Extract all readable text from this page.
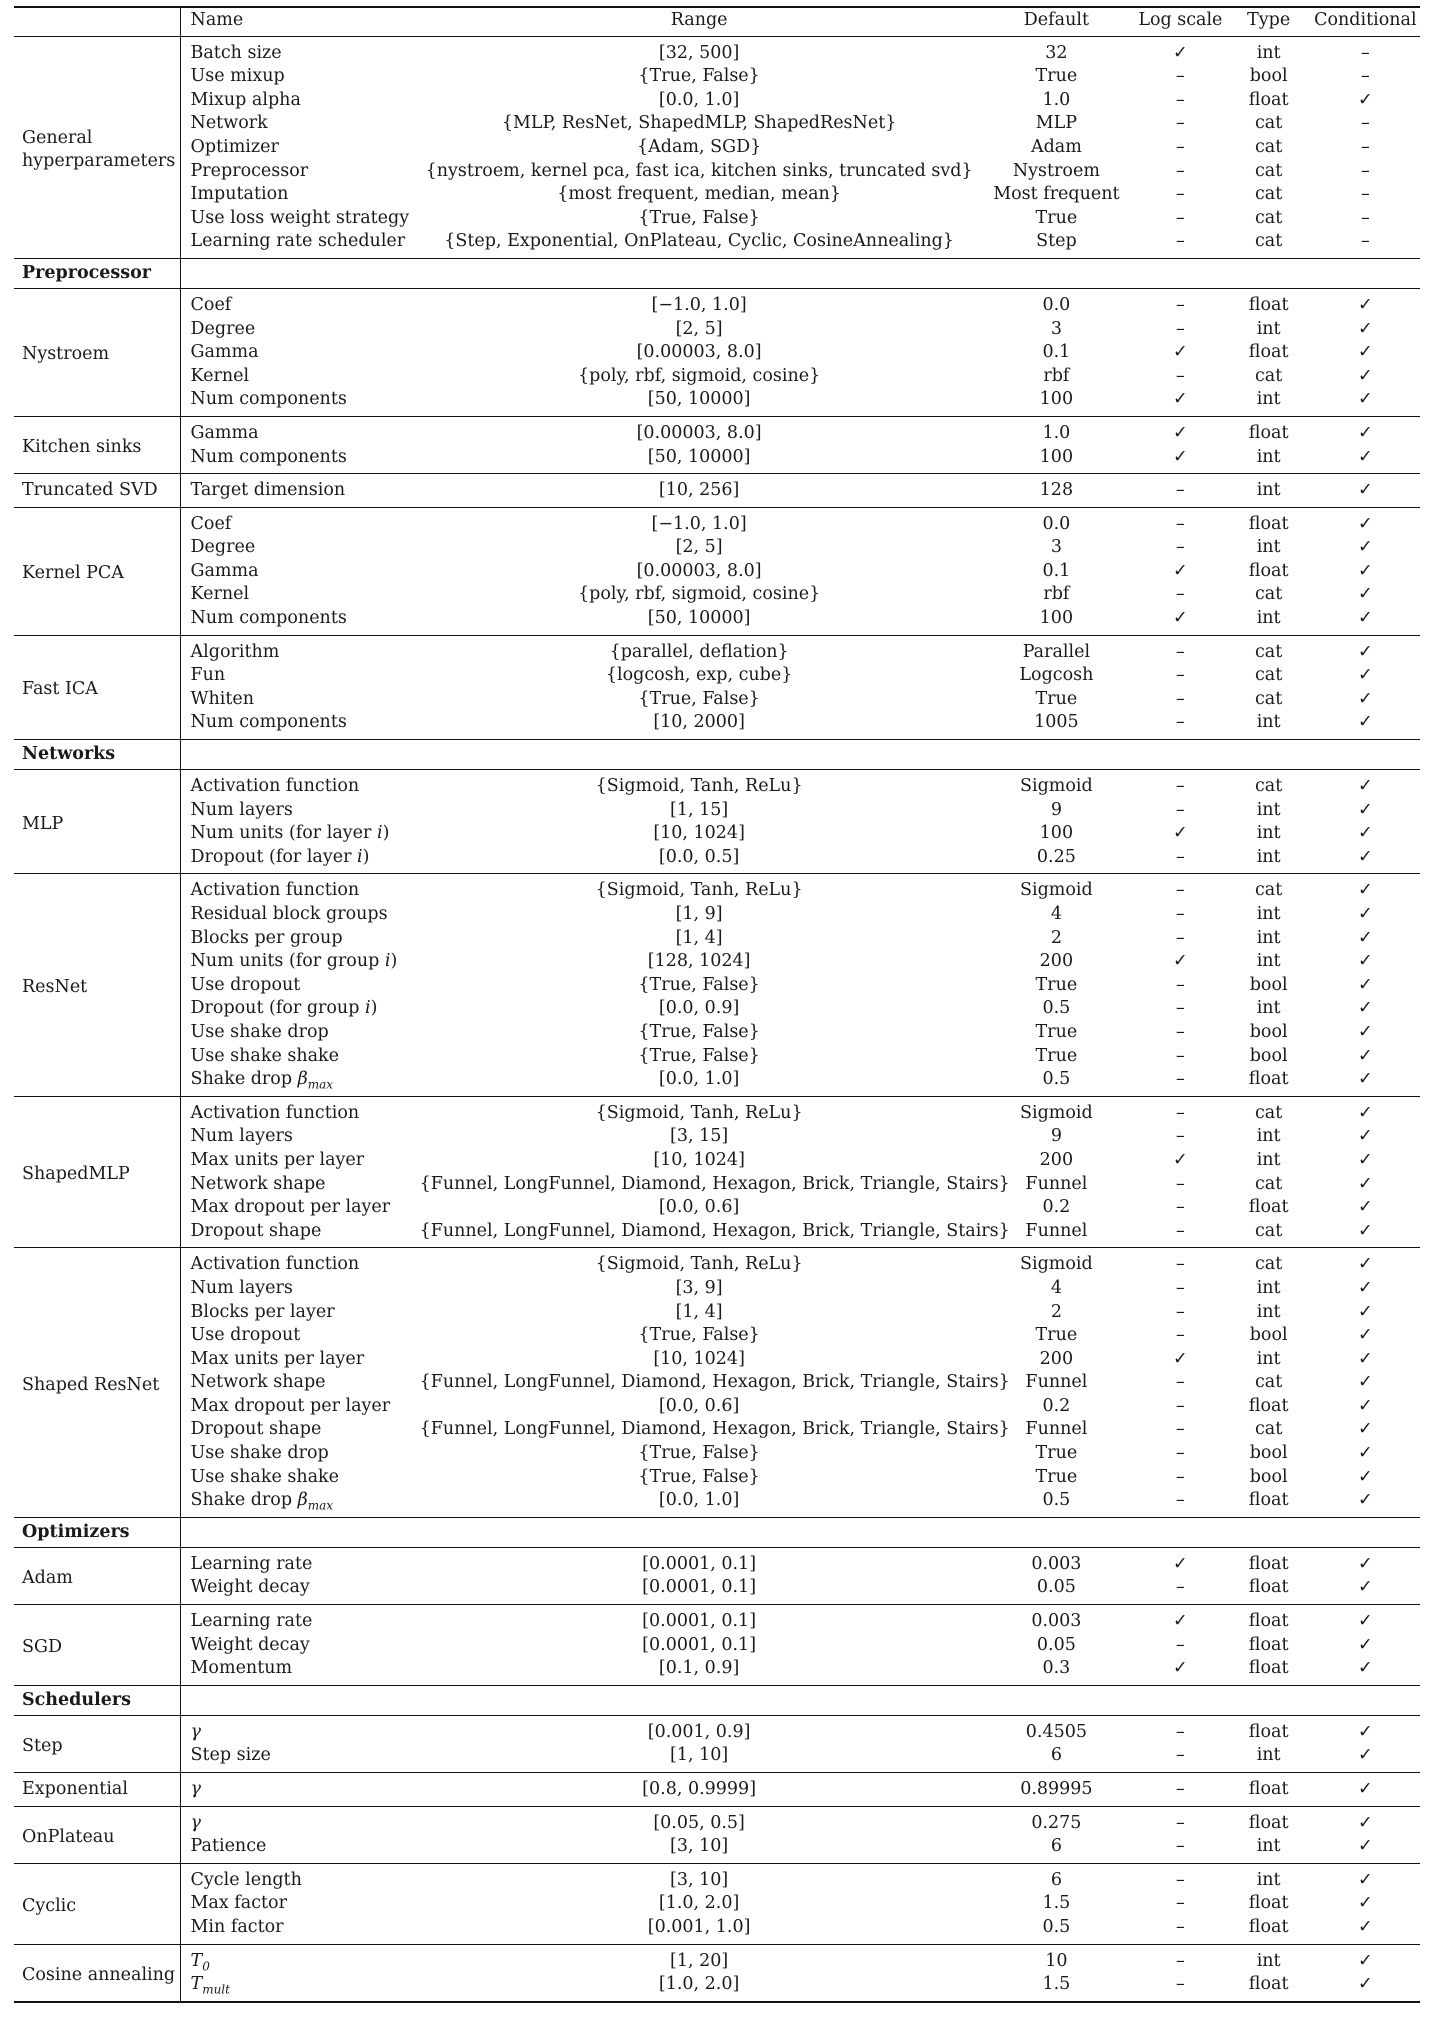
	Name	Range	Default	Log scale	Type	Conditional
General hyperparameters	Batch size	[32, 500]	32	✓	int	–
	Use mixup	{True, False}	True	–	bool	–
	Mixup alpha	[0.0, 1.0]	1.0	–	float	✓
	Network	{MLP, ResNet, ShapedMLP, ShapedResNet}	MLP	–	cat	–
	Optimizer	{Adam, SGD}	Adam	–	cat	–
	Preprocessor	{nystroem, kernel pca, fast ica, kitchen sinks, truncated svd}	Nystroem	–	cat	–
	Imputation	{most frequent, median, mean}	Most frequent	–	cat	–
	Use loss weight strategy	{True, False}	True	–	cat	–
	Learning rate scheduler	{Step, Exponential, OnPlateau, Cyclic, CosineAnnealing}	Step	–	cat	–
Preprocessor						
Nystroem	Coef	[−1.0, 1.0]	0.0	–	float	✓
	Degree	[2, 5]	3	–	int	✓
	Gamma	[0.00003, 8.0]	0.1	✓	float	✓
	Kernel	{poly, rbf, sigmoid, cosine}	rbf	–	cat	✓
	Num components	[50, 10000]	100	✓	int	✓
Kitchen sinks	Gamma	[0.00003, 8.0]	1.0	✓	float	✓
	Num components	[50, 10000]	100	✓	int	✓
Truncated SVD	Target dimension	[10, 256]	128	–	int	✓
Kernel PCA	Coef	[−1.0, 1.0]	0.0	–	float	✓
	Degree	[2, 5]	3	–	int	✓
	Gamma	[0.00003, 8.0]	0.1	✓	float	✓
	Kernel	{poly, rbf, sigmoid, cosine}	rbf	–	cat	✓
	Num components	[50, 10000]	100	✓	int	✓
Fast ICA	Algorithm	{parallel, deflation}	Parallel	–	cat	✓
	Fun	{logcosh, exp, cube}	Logcosh	–	cat	✓
	Whiten	{True, False}	True	–	cat	✓
	Num components	[10, 2000]	1005	–	int	✓
Networks						
MLP	Activation function	{Sigmoid, Tanh, ReLu}	Sigmoid	–	cat	✓
	Num layers	[1, 15]	9	–	int	✓
	Num units (for layer i)	[10, 1024]	100	✓	int	✓
	Dropout (for layer i)	[0.0, 0.5]	0.25	–	int	✓
ResNet	Activation function	{Sigmoid, Tanh, ReLu}	Sigmoid	–	cat	✓
	Residual block groups	[1, 9]	4	–	int	✓
	Blocks per group	[1, 4]	2	–	int	✓
	Num units (for group i)	[128, 1024]	200	✓	int	✓
	Use dropout	{True, False}	True	–	bool	✓
	Dropout (for group i)	[0.0, 0.9]	0.5	–	int	✓
	Use shake drop	{True, False}	True	–	bool	✓
	Use shake shake	{True, False}	True	–	bool	✓
	Shake drop $\beta_{max}$	[0.0, 1.0]	0.5	–	float	✓
ShapedMLP	Activation function	{Sigmoid, Tanh, ReLu}	Sigmoid	–	cat	✓
	Num layers	[3, 15]	9	–	int	✓
	Max units per layer	[10, 1024]	200	✓	int	✓
	Network shape	{Funnel, LongFunnel, Diamond, Hexagon, Brick, Triangle, Stairs}	Funnel	–	cat	✓
	Max dropout per layer	[0.0, 0.6]	0.2	–	float	✓
	Dropout shape	{Funnel, LongFunnel, Diamond, Hexagon, Brick, Triangle, Stairs}	Funnel	–	cat	✓
Shaped ResNet	Activation function	{Sigmoid, Tanh, ReLu}	Sigmoid	–	cat	✓
	Num layers	[3, 9]	4	–	int	✓
	Blocks per layer	[1, 4]	2	–	int	✓
	Use dropout	{True, False}	True	–	bool	✓
	Max units per layer	[10, 1024]	200	✓	int	✓
	Network shape	{Funnel, LongFunnel, Diamond, Hexagon, Brick, Triangle, Stairs}	Funnel	–	cat	✓
	Max dropout per layer	[0.0, 0.6]	0.2	–	float	✓
	Dropout shape	{Funnel, LongFunnel, Diamond, Hexagon, Brick, Triangle, Stairs}	Funnel	–	cat	✓
	Use shake drop	{True, False}	True	–	bool	✓
	Use shake shake	{True, False}	True	–	bool	✓
	Shake drop $\beta_{max}$	[0.0, 1.0]	0.5	–	float	✓
Optimizers						
Adam	Learning rate	[0.0001, 0.1]	0.003	✓	float	✓
	Weight decay	[0.0001, 0.1]	0.05	–	float	✓
SGD	Learning rate	[0.0001, 0.1]	0.003	✓	float	✓
	Weight decay	[0.0001, 0.1]	0.05	–	float	✓
	Momentum	[0.1, 0.9]	0.3	✓	float	✓
Schedulers						
Step	γ	[0.001, 0.9]	0.4505	–	float	✓
	Step size	[1, 10]	6	–	int	✓
Exponential	γ	[0.8, 0.9999]	0.89995	–	float	✓
OnPlateau	γ	[0.05, 0.5]	0.275	–	float	✓
	Patience	[3, 10]	6	–	int	✓
Cyclic	Cycle length	[3, 10]	6	–	int	✓
	Max factor	[1.0, 2.0]	1.5	–	float	✓
	Min factor	[0.001, 1.0]	0.5	–	float	✓
Cosine annealing	$T_0$	[1, 20]	10	–	int	✓
	$T_{mult}$	[1.0, 2.0]	1.5	–	float	✓
